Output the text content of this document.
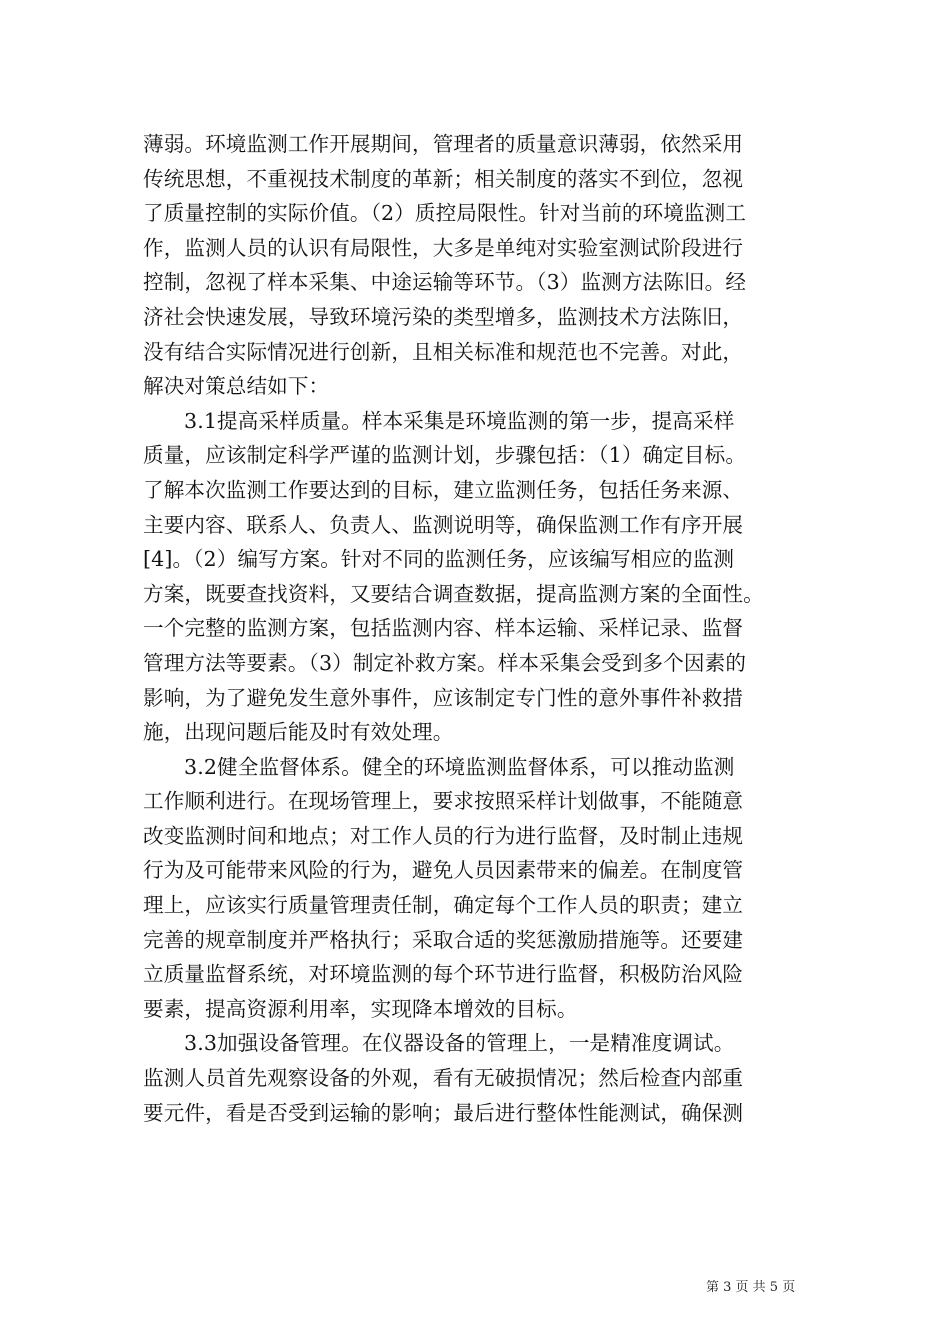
薄弱。环境监测工作开展期间，管理者的质量意识薄弱，依然采用
传统思想，不重视技术制度的革新；相关制度的落实不到位，忽视
了质量控制的实际价值。（2）质控局限性。针对当前的环境监测工
作，监测人员的认识有局限性，大多是单纯对实验室测试阶段进行
控制，忽视了样本采集、中途运输等环节。（3）监测方法陈旧。经
济社会快速发展，导致环境污染的类型增多，监测技术方法陈旧，
没有结合实际情况进行创新，且相关标准和规范也不完善。对此，
解决对策总结如下：

3.1提高采样质量。样本采集是环境监测的第一步，提高采样
质量，应该制定科学严谨的监测计划，步骤包括：（1）确定目标。
了解本次监测工作要达到的目标，建立监测任务，包括任务来源、
主要内容、联系人、负责人、监测说明等，确保监测工作有序开展
[4]。（2）编写方案。针对不同的监测任务，应该编写相应的监测
方案，既要查找资料，又要结合调查数据，提高监测方案的全面性。
一个完整的监测方案，包括监测内容、样本运输、采样记录、监督
管理方法等要素。（3）制定补救方案。样本采集会受到多个因素的
影响，为了避免发生意外事件，应该制定专门性的意外事件补救措
施，出现问题后能及时有效处理。

3.2健全监督体系。健全的环境监测监督体系，可以推动监测
工作顺利进行。在现场管理上，要求按照采样计划做事，不能随意
改变监测时间和地点；对工作人员的行为进行监督，及时制止违规
行为及可能带来风险的行为，避免人员因素带来的偏差。在制度管
理上，应该实行质量管理责任制，确定每个工作人员的职责；建立
完善的规章制度并严格执行；采取合适的奖惩激励措施等。还要建
立质量监督系统，对环境监测的每个环节进行监督，积极防治风险
要素，提高资源利用率，实现降本增效的目标。

3.3加强设备管理。在仪器设备的管理上，一是精准度调试。
监测人员首先观察设备的外观，看有无破损情况；然后检查内部重
要元件，看是否受到运输的影响；最后进行整体性能测试，确保测

第 3 页 共 5 页
